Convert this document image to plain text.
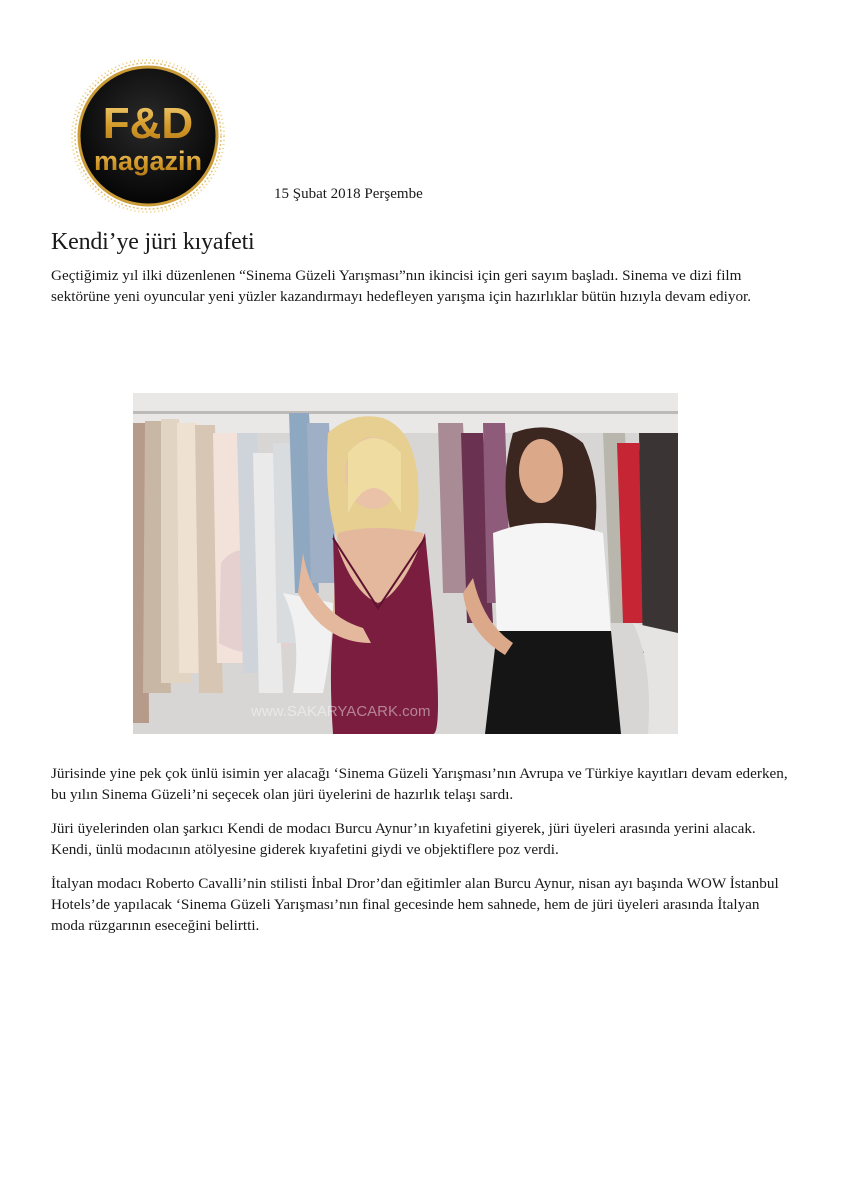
F&D
magazin
15 Şubat 2018 Perşembe
Kendi’ye jüri kıyafeti

Geçtiğimiz yıl ilki düzenlenen “Sinema Güzeli Yarışması”nın ikincisi için geri sayım başladı. Sinema ve dizi film sektörüne yeni oyuncular yeni yüzler kazandırmayı hedefleyen yarışma için hazırlıklar bütün hızıyla devam ediyor.

www.SAKARYACARK.com

Jürisinde yine pek çok ünlü isimin yer alacağı ‘Sinema Güzeli Yarışması’nın Avrupa ve Türkiye kayıtları devam ederken, bu yılın Sinema Güzeli’ni seçecek olan jüri üyelerini de hazırlık telaşı sardı.

Jüri üyelerinden olan şarkıcı Kendi de modacı Burcu Aynur’ın kıyafetini giyerek, jüri üyeleri arasında yerini alacak. Kendi, ünlü modacının atölyesine giderek kıyafetini giydi ve objektiflere poz verdi.

İtalyan modacı Roberto Cavalli’nin stilisti İnbal Dror’dan eğitimler alan Burcu Aynur, nisan ayı başında WOW İstanbul Hotels’de yapılacak ‘Sinema Güzeli Yarışması’nın final gecesinde hem sahnede, hem de jüri üyeleri arasında İtalyan moda rüzgarının eseceğini belirtti.
